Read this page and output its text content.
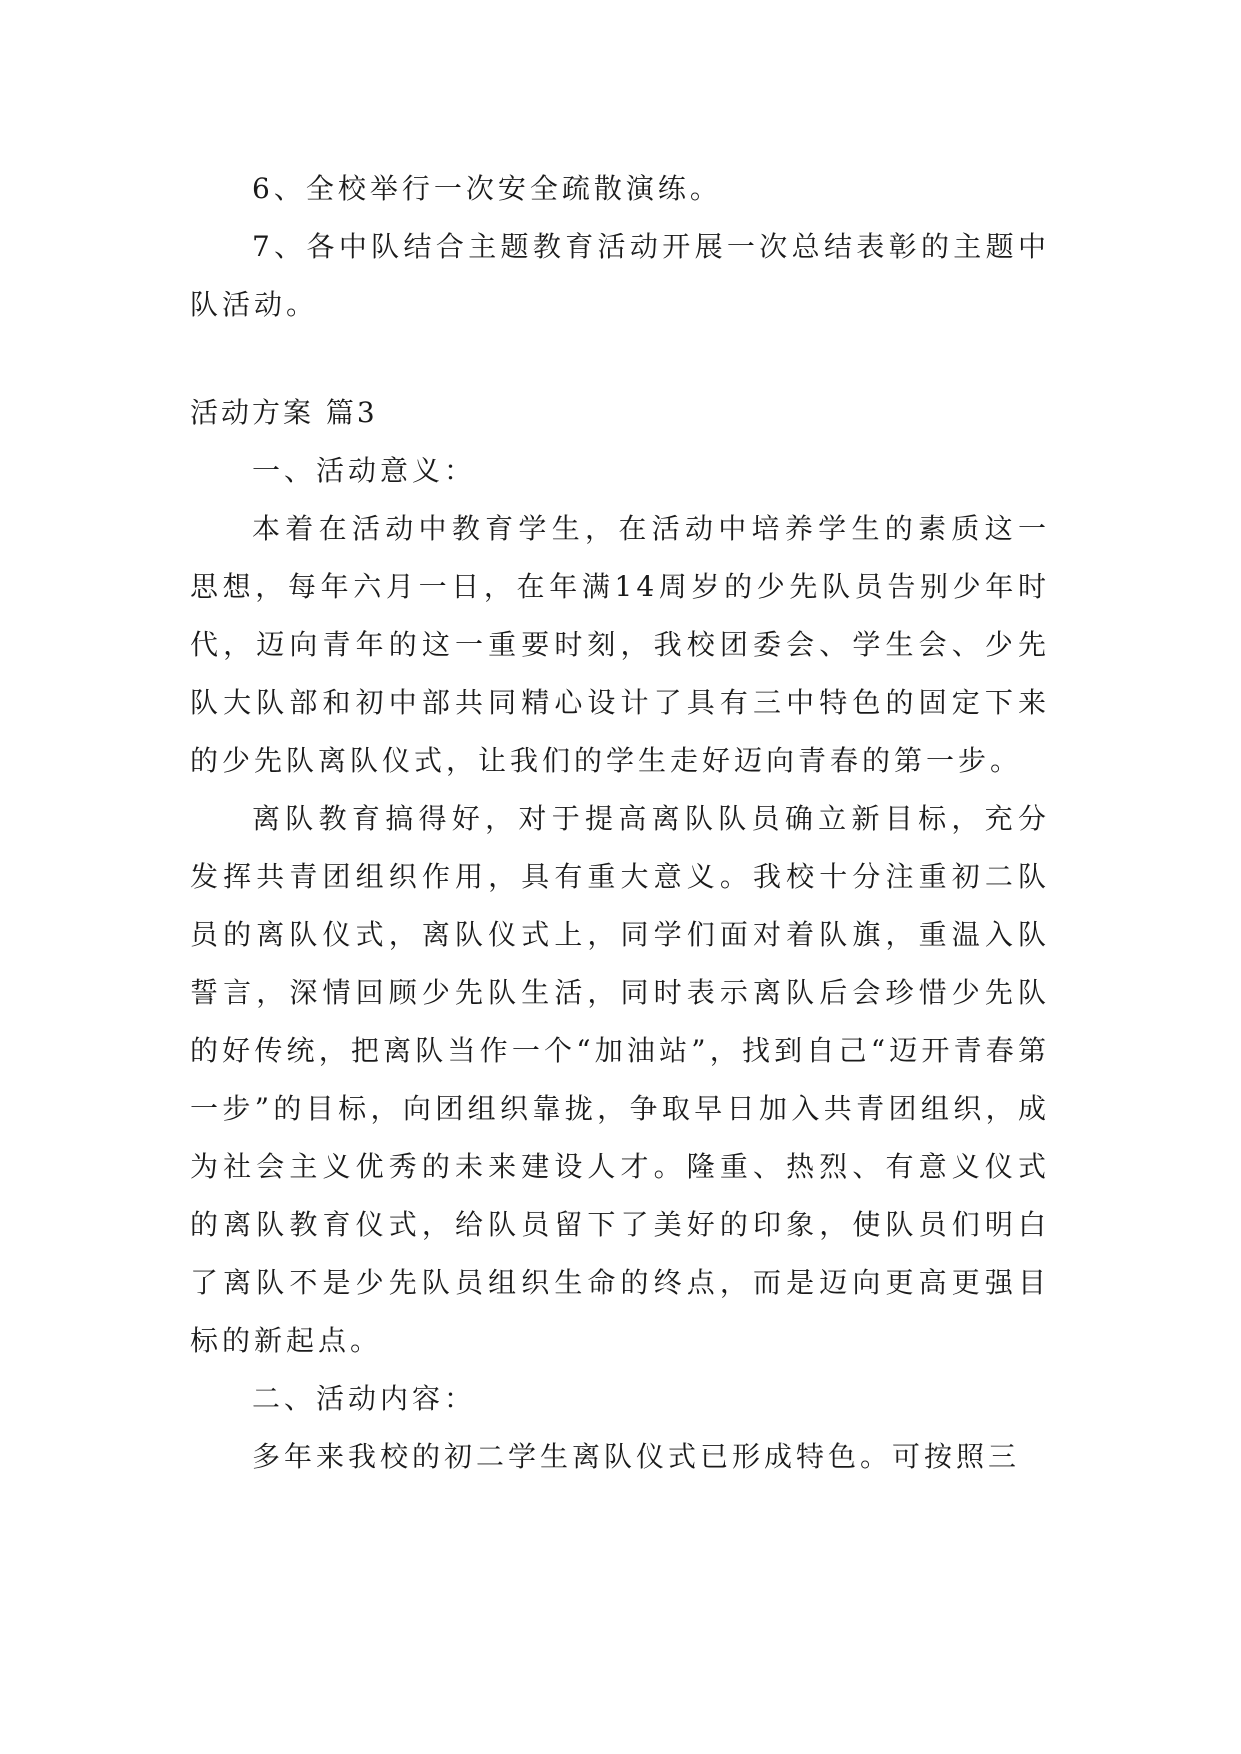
6、全校举行一次安全疏散演练。

7、各中队结合主题教育活动开展一次总结表彰的主题中队活动。

活动方案 篇3

一、活动意义：

本着在活动中教育学生，在活动中培养学生的素质这一思想，每年六月一日，在年满14周岁的少先队员告别少年时代，迈向青年的这一重要时刻，我校团委会、学生会、少先队大队部和初中部共同精心设计了具有三中特色的固定下来的少先队离队仪式，让我们的学生走好迈向青春的第一步。

离队教育搞得好，对于提高离队队员确立新目标，充分发挥共青团组织作用，具有重大意义。我校十分注重初二队员的离队仪式，离队仪式上，同学们面对着队旗，重温入队誓言，深情回顾少先队生活，同时表示离队后会珍惜少先队的好传统，把离队当作一个“加油站”，找到自己“迈开青春第一步”的目标，向团组织靠拢，争取早日加入共青团组织，成为社会主义优秀的未来建设人才。隆重、热烈、有意义仪式的离队教育仪式，给队员留下了美好的印象，使队员们明白了离队不是少先队员组织生命的终点，而是迈向更高更强目标的新起点。

二、活动内容：

多年来我校的初二学生离队仪式已形成特色。可按照三
